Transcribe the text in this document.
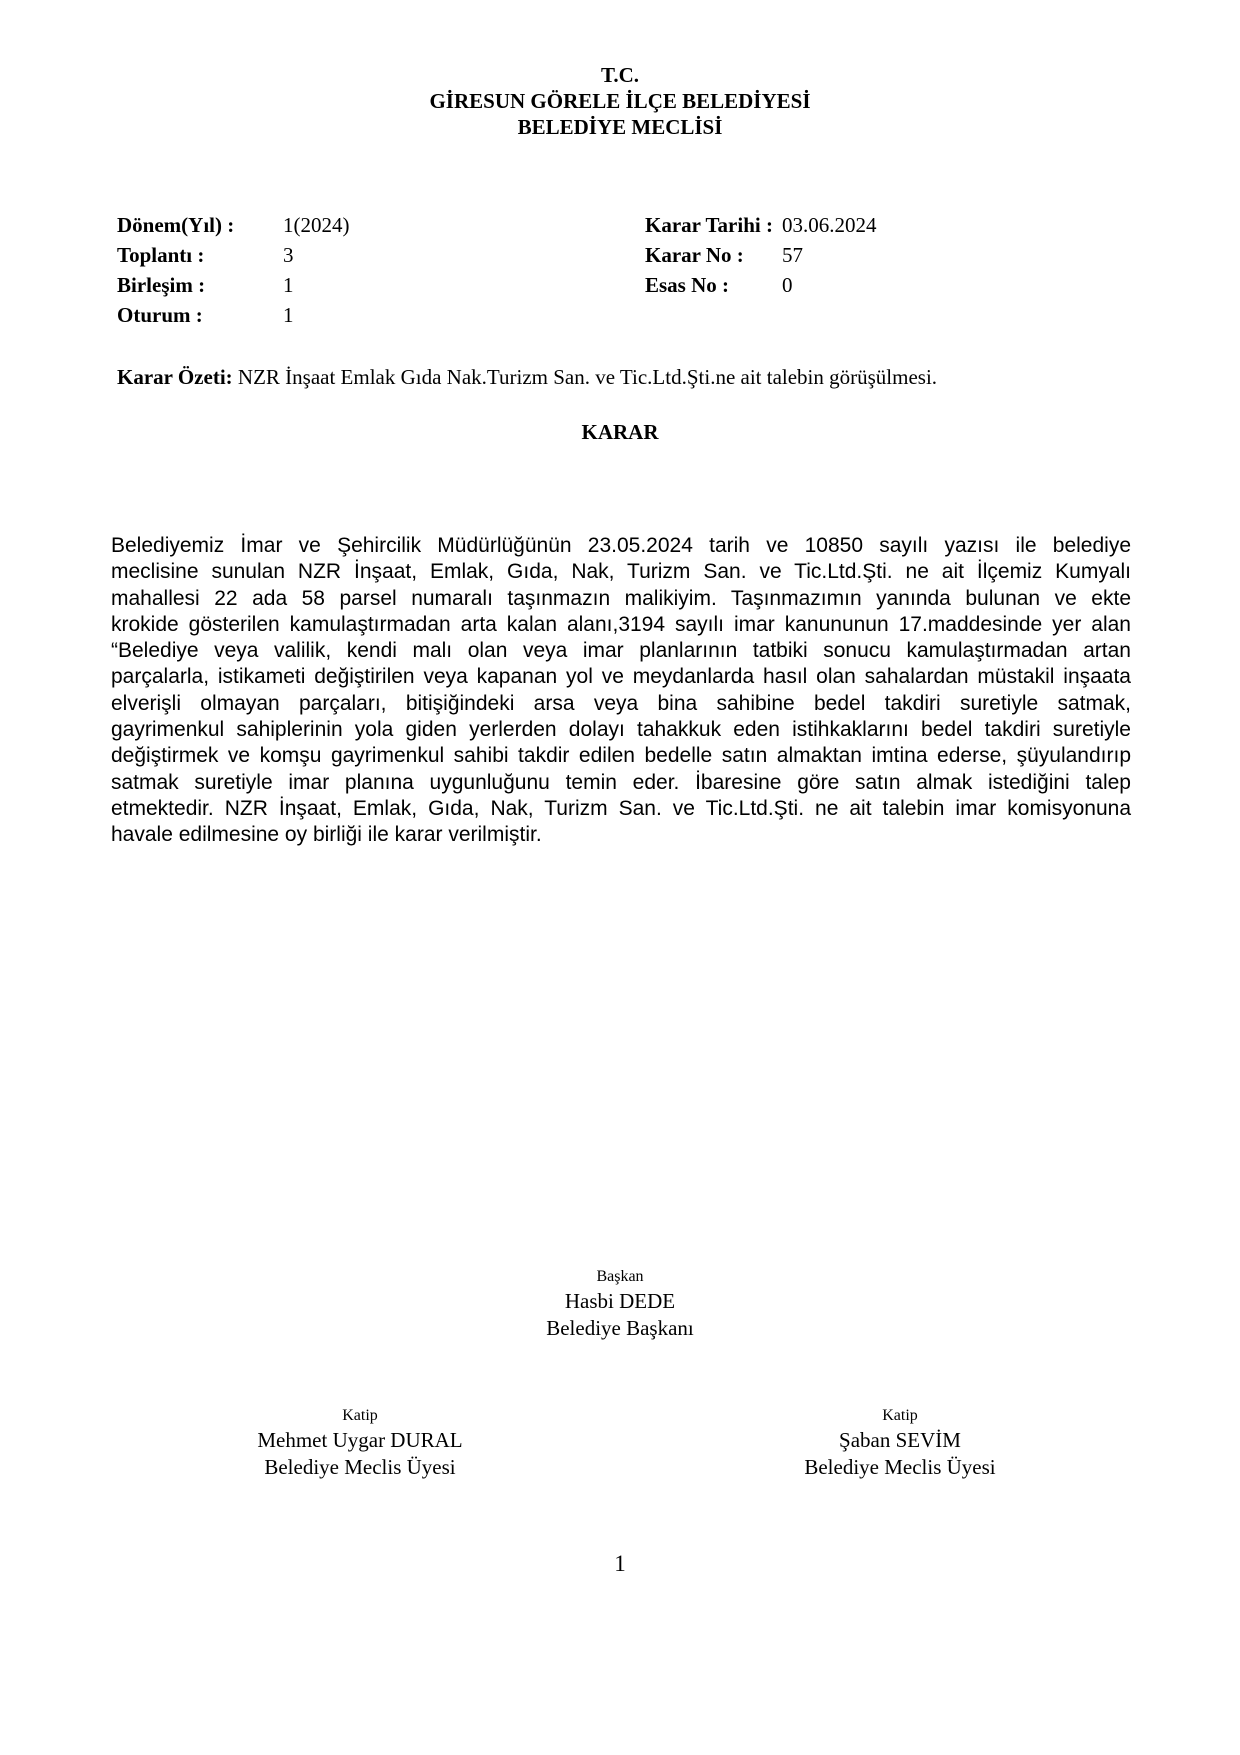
T.C.
GİRESUN GÖRELE İLÇE BELEDİYESİ
BELEDİYE MECLİSİ
Dönem(Yıl) :	1(2024)
Toplantı :	3
Birleşim :	1
Oturum :	1
Karar Tarihi : 03.06.2024
Karar No :	57
Esas No :	0
Karar Özeti: NZR İnşaat Emlak Gıda Nak.Turizm San. ve Tic.Ltd.Şti.ne ait talebin görüşülmesi.
KARAR
Belediyemiz İmar ve Şehircilik Müdürlüğünün 23.05.2024 tarih ve 10850 sayılı yazısı ile belediye
meclisine sunulan NZR İnşaat, Emlak, Gıda, Nak, Turizm San. ve Tic.Ltd.Şti. ne ait İlçemiz Kumyalı
mahallesi 22 ada 58 parsel numaralı taşınmazın malikiyim. Taşınmazımın yanında bulunan ve ekte
krokide gösterilen kamulaştırmadan arta kalan alanı,3194 sayılı imar kanununun 17.maddesinde yer alan
“Belediye veya valilik, kendi malı olan veya imar planlarının tatbiki sonucu kamulaştırmadan artan
parçalarla, istikameti değiştirilen veya kapanan yol ve meydanlarda hasıl olan sahalardan müstakil inşaata
elverişli olmayan parçaları, bitişiğindeki arsa veya bina sahibine bedel takdiri suretiyle satmak,
gayrimenkul sahiplerinin yola giden yerlerden dolayı tahakkuk eden istihkaklarını bedel takdiri suretiyle
değiştirmek ve komşu gayrimenkul sahibi takdir edilen bedelle satın almaktan imtina ederse, şüyulandırıp
satmak suretiyle imar planına uygunluğunu temin eder. İbaresine göre satın almak istediğini talep
etmektedir. NZR İnşaat, Emlak, Gıda, Nak, Turizm San. ve Tic.Ltd.Şti. ne ait talebin imar komisyonuna
havale edilmesine oy birliği ile karar verilmiştir.
Başkan
Hasbi DEDE
Belediye Başkanı
Katip
Mehmet Uygar DURAL
Belediye Meclis Üyesi
Katip
Şaban SEVİM
Belediye Meclis Üyesi
1
